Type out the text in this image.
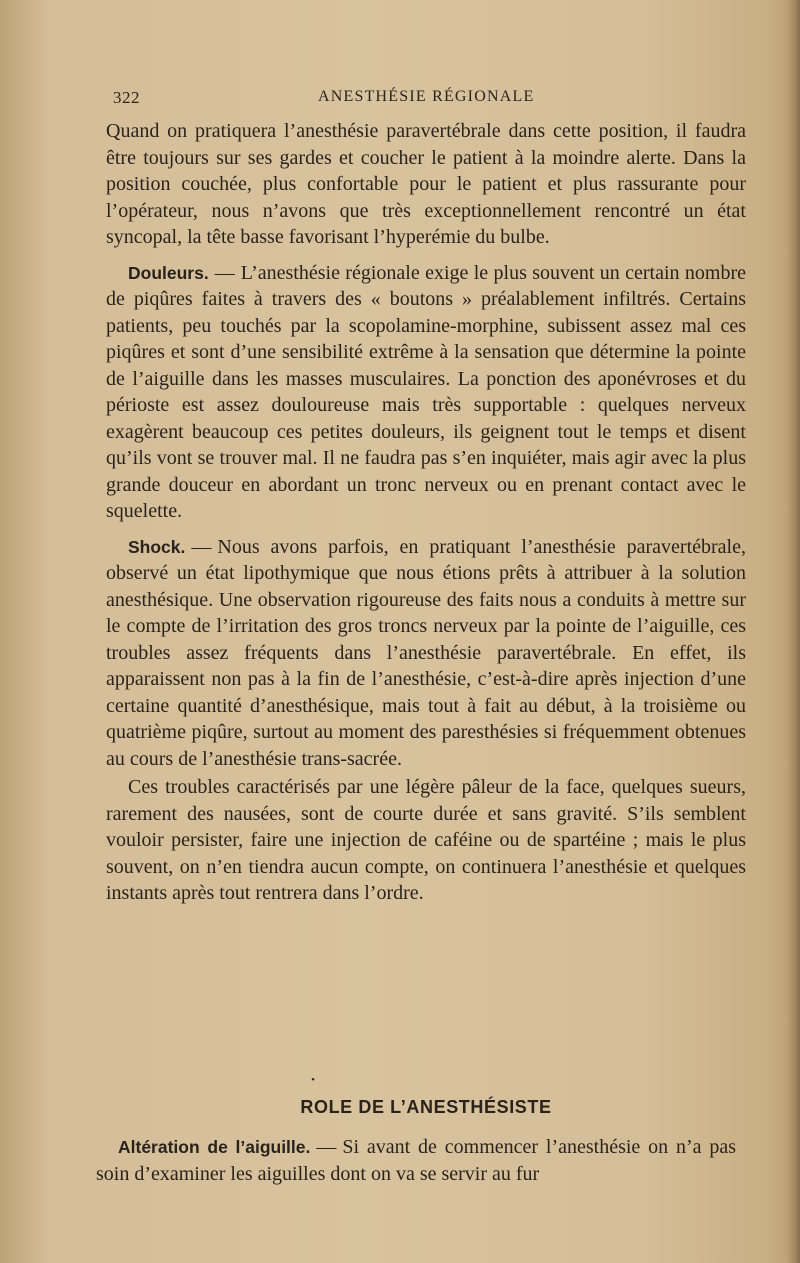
322	ANESTHÉSIE RÉGIONALE

Quand on pratiquera l’anesthésie paravertébrale dans cette position, il faudra être toujours sur ses gardes et coucher le patient à la moindre alerte. Dans la position couchée, plus confortable pour le patient et plus rassurante pour l’opérateur, nous n’avons que très exceptionnellement rencontré un état syncopal, la tête basse favorisant l’hyperémie du bulbe.

Douleurs. — L’anesthésie régionale exige le plus souvent un certain nombre de piqûres faites à travers des « boutons » préalablement infiltrés. Certains patients, peu touchés par la scopolamine-morphine, subissent assez mal ces piqûres et sont d’une sensibilité extrême à la sensation que détermine la pointe de l’aiguille dans les masses musculaires. La ponction des aponévroses et du périoste est assez douloureuse mais très supportable : quelques nerveux exagèrent beaucoup ces petites douleurs, ils geignent tout le temps et disent qu’ils vont se trouver mal. Il ne faudra pas s’en inquiéter, mais agir avec la plus grande douceur en abordant un tronc nerveux ou en prenant contact avec le squelette.

Shock. — Nous avons parfois, en pratiquant l’anesthésie paravertébrale, observé un état lipothymique que nous étions prêts à attribuer à la solution anesthésique. Une observation rigoureuse des faits nous a conduits à mettre sur le compte de l’irritation des gros troncs nerveux par la pointe de l’aiguille, ces troubles assez fréquents dans l’anesthésie paravertébrale. En effet, ils apparaissent non pas à la fin de l’anesthésie, c’est-à-dire après injection d’une certaine quantité d’anesthésique, mais tout à fait au début, à la troisième ou quatrième piqûre, surtout au moment des paresthésies si fréquemment obtenues au cours de l’anesthésie trans-sacrée.

Ces troubles caractérisés par une légère pâleur de la face, quelques sueurs, rarement des nausées, sont de courte durée et sans gravité. S’ils semblent vouloir persister, faire une injection de caféine ou de spartéine ; mais le plus souvent, on n’en tiendra aucun compte, on continuera l’anesthésie et quelques instants après tout rentrera dans l’ordre.

•
ROLE DE L’ANESTHÉSISTE

Altération de l’aiguille. — Si avant de commencer l’anesthésie on n’a pas soin d’examiner les aiguilles dont on va se servir au fur
